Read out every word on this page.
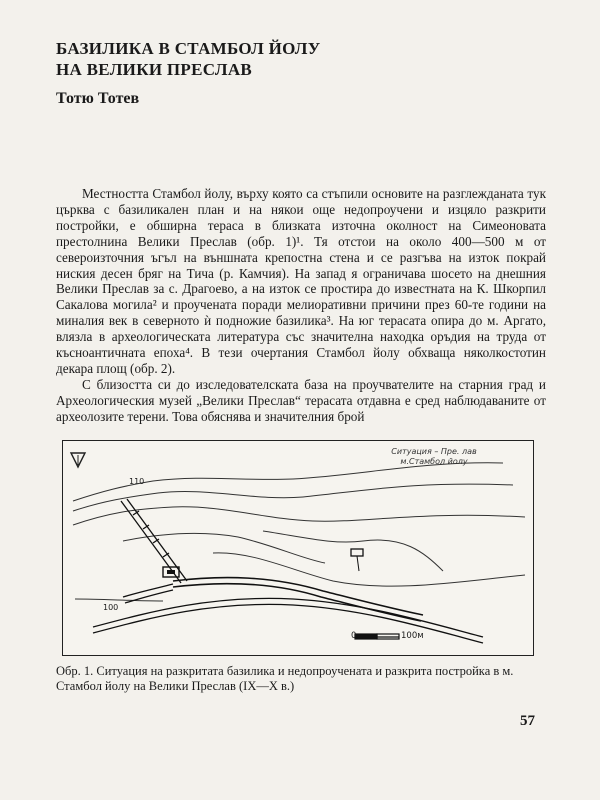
БАЗИЛИКА В СТАМБОЛ ЙОЛУ
НА ВЕЛИКИ ПРЕСЛАВ
Тотю Тотев

Местността Стамбол йолу, върху която са стъпили основите на разглежданата тук църква с базиликален план и на някои още недопроучени и изцяло разкрити постройки, е обширна тераса в близката източна околност на Симеоновата престолнина Велики Преслав (обр. 1)¹. Тя отстои на около 400—500 м от североизточния ъгъл на външната крепостна стена и се разгъва на изток покрай ниския десен бряг на Тича (р. Камчия). На запад я ограничава шосето на днешния Велики Преслав за с. Драгоево, а на изток се простира до известната на К. Шкорпил Сакалова могила² и проучената поради мелиоративни причини през 60-те години на миналия век в северното ѝ подножие базилика³. На юг терасата опира до м. Аргато, влязла в археологическата литература със значителна находка оръдия на труда от късноантичната епоха⁴. В тези очертания Стамбол йолу обхваща няколкостотин декара площ (обр. 2).

С близостта си до изследователската база на проучвателите на старния град и Археологическия музей „Велики Преслав“ терасата отдавна е сред наблюдаваните от археолозите терени. Това обяснява и значителния брой

Ситуация – Пре. лав
м.Стамбол йолу
110
100
0	100м
Обр. 1. Ситуация на разкритата базилика и недопроучената и разкрита постройка в м. Стамбол йолу на Велики Преслав (IX—X в.)
57
